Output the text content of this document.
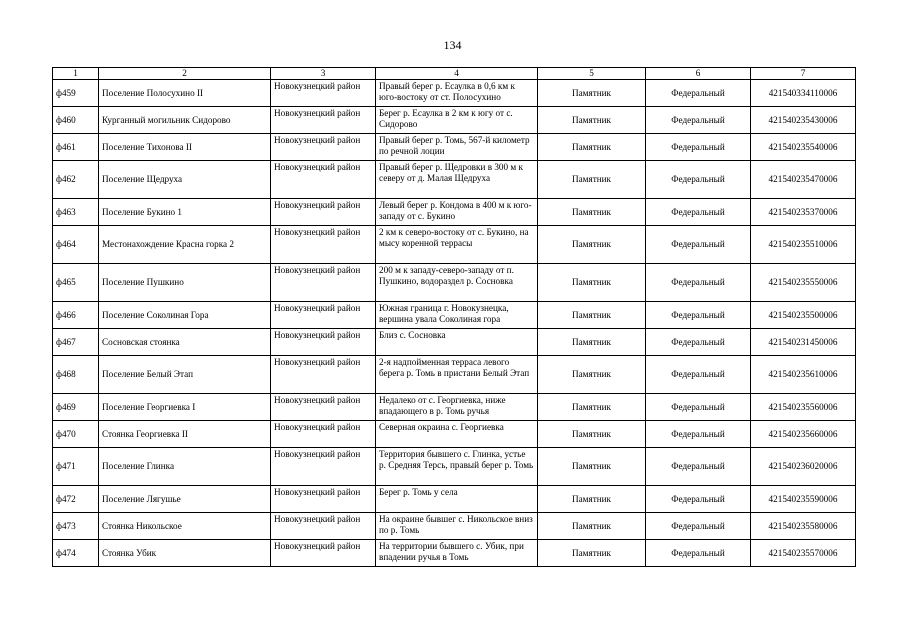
134
1	2	3	4	5	6	7
ф459	Поселение Полосухино II	Новокузнецкий район	Правый берег р. Есаулка в 0,6 км к юго-востоку от ст. Полосухино	Памятник	Федеральный	421540334110006
ф460	Курганный могильник Сидорово	Новокузнецкий район	Берег р. Есаулка в 2 км к югу от с. Сидорово	Памятник	Федеральный	421540235430006
ф461	Поселение Тихонова II	Новокузнецкий район	Правый берег р. Томь, 567-й километр по речной лоции	Памятник	Федеральный	421540235540006
ф462	Поселение Щедруха	Новокузнецкий район	Правый берег р. Щедровки в 300 м к северу от д. Малая Щедруха	Памятник	Федеральный	421540235470006
ф463	Поселение Букино 1	Новокузнецкий район	Левый берег р. Кондома в 400 м к юго-западу от с. Букино	Памятник	Федеральный	421540235370006
ф464	Местонахождение Красна горка 2	Новокузнецкий район	2 км к северо-востоку от с. Букино, на мысу коренной террасы	Памятник	Федеральный	421540235510006
ф465	Поселение Пушкино	Новокузнецкий район	200 м к западу-северо-западу от п. Пушкино, водораздел р. Сосновка	Памятник	Федеральный	421540235550006
ф466	Поселение Соколиная Гора	Новокузнецкий район	Южная граница г. Новокузнецка, вершина увала Соколиная гора	Памятник	Федеральный	421540235500006
ф467	Сосновская стоянка	Новокузнецкий район	Близ с. Сосновка	Памятник	Федеральный	421540231450006
ф468	Поселение Белый Этап	Новокузнецкий район	2-я надпойменная терраса левого берега р. Томь в пристани Белый Этап	Памятник	Федеральный	421540235610006
ф469	Поселение Георгиевка I	Новокузнецкий район	Недалеко от с. Георгиевка, ниже впадающего в р. Томь ручья	Памятник	Федеральный	421540235560006
ф470	Стоянка Георгиевка II	Новокузнецкий район	Северная окраина с. Георгиевка	Памятник	Федеральный	421540235660006
ф471	Поселение Глинка	Новокузнецкий район	Территория бывшего с. Глинка, устье р. Средняя Терсь, правый берег р. Томь	Памятник	Федеральный	421540236020006
ф472	Поселение Лягушье	Новокузнецкий район	Берег р. Томь у села	Памятник	Федеральный	421540235590006
ф473	Стоянка Никольское	Новокузнецкий район	На окраине бывшег с. Никольское вниз по р. Томь	Памятник	Федеральный	421540235580006
ф474	Стоянка Убик	Новокузнецкий район	На территории бывшего с. Убик, при впадении ручья в Томь	Памятник	Федеральный	421540235570006
